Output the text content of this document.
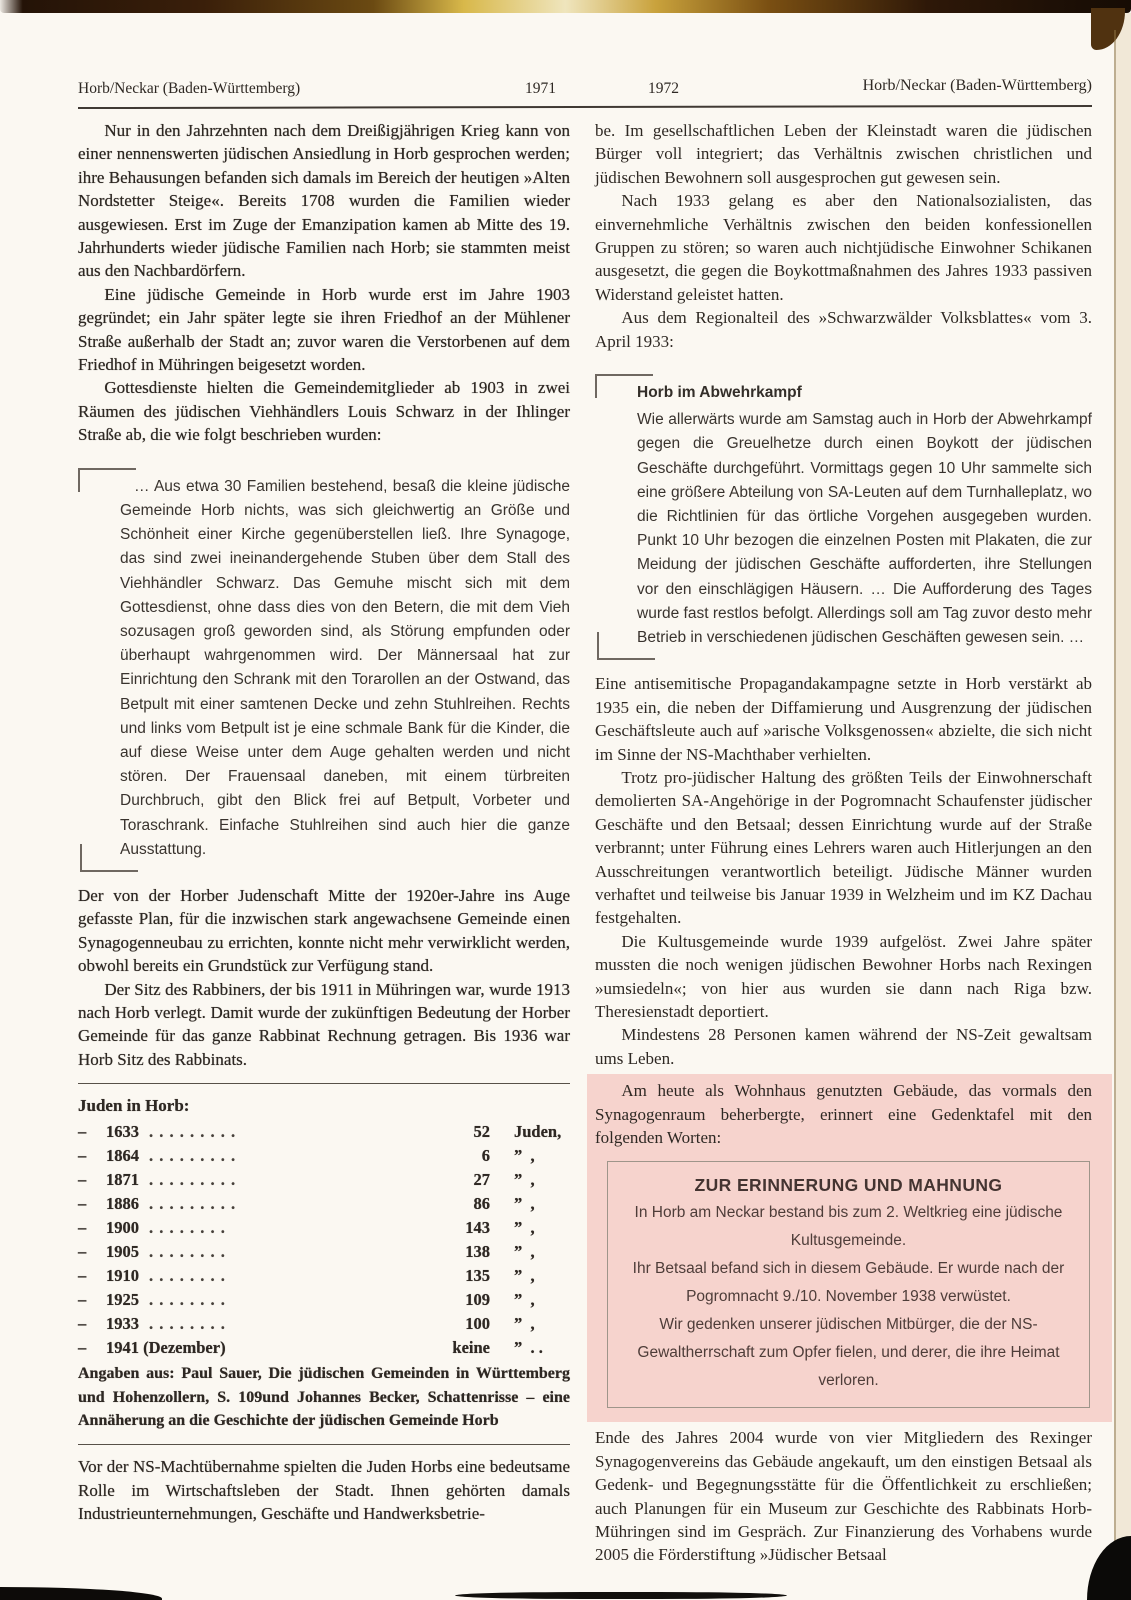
Horb/Neckar (Baden-Württemberg)	1971	1972	Horb/Neckar (Baden-Württemberg)

Nur in den Jahrzehnten nach dem Dreißigjährigen Krieg kann von einer nennenswerten jüdischen Ansiedlung in Horb gesprochen werden; ihre Behausungen befanden sich damals im Bereich der heutigen »Alten Nordstetter Steige«. Bereits 1708 wurden die Familien wieder ausgewiesen. Erst im Zuge der Emanzipation kamen ab Mitte des 19. Jahrhunderts wieder jüdische Familien nach Horb; sie stammten meist aus den Nachbardörfern.

Eine jüdische Gemeinde in Horb wurde erst im Jahre 1903 gegründet; ein Jahr später legte sie ihren Friedhof an der Mühlener Straße außerhalb der Stadt an; zuvor waren die Verstorbenen auf dem Friedhof in Mühringen beigesetzt worden.

Gottesdienste hielten die Gemeindemitglieder ab 1903 in zwei Räumen des jüdischen Viehhändlers Louis Schwarz in der Ihlinger Straße ab, die wie folgt beschrieben wurden:

… Aus etwa 30 Familien bestehend, besaß die kleine jüdische Gemeinde Horb nichts, was sich gleichwertig an Größe und Schönheit einer Kirche gegenüberstellen ließ. Ihre Synagoge, das sind zwei ineinandergehende Stuben über dem Stall des Viehhändler Schwarz. Das Gemuhe mischt sich mit dem Gottesdienst, ohne dass dies von den Betern, die mit dem Vieh sozusagen groß geworden sind, als Störung empfunden oder überhaupt wahrgenommen wird. Der Männersaal hat zur Einrichtung den Schrank mit den Torarollen an der Ostwand, das Betpult mit einer samtenen Decke und zehn Stuhlreihen. Rechts und links vom Betpult ist je eine schmale Bank für die Kinder, die auf diese Weise unter dem Auge gehalten werden und nicht stören. Der Frauensaal daneben, mit einem türbreiten Durchbruch, gibt den Blick frei auf Betpult, Vorbeter und Toraschrank. Einfache Stuhlreihen sind auch hier die ganze Ausstattung.

Der von der Horber Judenschaft Mitte der 1920er-Jahre ins Auge gefasste Plan, für die inzwischen stark angewachsene Gemeinde einen Synagogenneubau zu errichten, konnte nicht mehr verwirklicht werden, obwohl bereits ein Grundstück zur Verfügung stand.

Der Sitz des Rabbiners, der bis 1911 in Mühringen war, wurde 1913 nach Horb verlegt. Damit wurde der zukünftigen Bedeutung der Horber Gemeinde für das ganze Rabbinat Rechnung getragen. Bis 1936 war Horb Sitz des Rabbinats.

Juden in Horb:
–	1633 . . . . . . . . .	52	Juden,
–	1864 . . . . . . . . .	6	”  ,
–	1871 . . . . . . . . .	27	”  ,
–	1886 . . . . . . . . .	86	”  ,
–	1900 . . . . . . . .	143	”  ,
–	1905 . . . . . . . .	138	”  ,
–	1910 . . . . . . . .	135	”  ,
–	1925 . . . . . . . .	109	”  ,
–	1933 . . . . . . . .	100	”  ,
–	1941 (Dezember)	keine	”  . .
Angaben aus: Paul Sauer, Die jüdischen Gemeinden in Württemberg und Hohenzollern, S. 109und Johannes Becker, Schattenrisse – eine Annäherung an die Geschichte der jüdischen Gemeinde Horb

Vor der NS-Machtübernahme spielten die Juden Horbs eine bedeutsame Rolle im Wirtschaftsleben der Stadt. Ihnen gehörten damals Industrieunternehmungen, Geschäfte und Handwerksbetrie-

be. Im gesellschaftlichen Leben der Kleinstadt waren die jüdischen Bürger voll integriert; das Verhältnis zwischen christlichen und jüdischen Bewohnern soll ausgesprochen gut gewesen sein.

Nach 1933 gelang es aber den Nationalsozialisten, das einvernehmliche Verhältnis zwischen den beiden konfessionellen Gruppen zu stören; so waren auch nichtjüdische Einwohner Schikanen ausgesetzt, die gegen die Boykottmaßnahmen des Jahres 1933 passiven Widerstand geleistet hatten.

Aus dem Regionalteil des »Schwarzwälder Volksblattes« vom 3. April 1933:

Horb im Abwehrkampf

Wie allerwärts wurde am Samstag auch in Horb der Abwehrkampf gegen die Greuelhetze durch einen Boykott der jüdischen Geschäfte durchgeführt. Vormittags gegen 10 Uhr sammelte sich eine größere Abteilung von SA-Leuten auf dem Turnhalleplatz, wo die Richtlinien für das örtliche Vorgehen ausgegeben wurden. Punkt 10 Uhr bezogen die einzelnen Posten mit Plakaten, die zur Meidung der jüdischen Geschäfte aufforderten, ihre Stellungen vor den einschlägigen Häusern. … Die Aufforderung des Tages wurde fast restlos befolgt. Allerdings soll am Tag zuvor desto mehr Betrieb in verschiedenen jüdischen Geschäften gewesen sein. …

Eine antisemitische Propagandakampagne setzte in Horb verstärkt ab 1935 ein, die neben der Diffamierung und Ausgrenzung der jüdischen Geschäftsleute auch auf »arische Volksgenossen« abzielte, die sich nicht im Sinne der NS-Machthaber verhielten.

Trotz pro-jüdischer Haltung des größten Teils der Einwohnerschaft demolierten SA-Angehörige in der Pogromnacht Schaufenster jüdischer Geschäfte und den Betsaal; dessen Einrichtung wurde auf der Straße verbrannt; unter Führung eines Lehrers waren auch Hitlerjungen an den Ausschreitungen verantwortlich beteiligt. Jüdische Männer wurden verhaftet und teilweise bis Januar 1939 in Welzheim und im KZ Dachau festgehalten.

Die Kultusgemeinde wurde 1939 aufgelöst. Zwei Jahre später mussten die noch wenigen jüdischen Bewohner Horbs nach Rexingen »umsiedeln«; von hier aus wurden sie dann nach Riga bzw. Theresienstadt deportiert.

Mindestens 28 Personen kamen während der NS-Zeit gewaltsam ums Leben.

Am heute als Wohnhaus genutzten Gebäude, das vormals den Synagogenraum beherbergte, erinnert eine Gedenktafel mit den folgenden Worten:

ZUR ERINNERUNG UND MAHNUNG

In Horb am Neckar bestand bis zum 2. Weltkrieg eine jüdische Kultusgemeinde.

Ihr Betsaal befand sich in diesem Gebäude. Er wurde nach der Pogromnacht 9./10. November 1938 verwüstet.

Wir gedenken unserer jüdischen Mitbürger, die der NS-Gewaltherrschaft zum Opfer fielen, und derer, die ihre Heimat verloren.

Ende des Jahres 2004 wurde von vier Mitgliedern des Rexinger Synagogenvereins das Gebäude angekauft, um den einstigen Betsaal als Gedenk- und Begegnungsstätte für die Öffentlichkeit zu erschließen; auch Planungen für ein Museum zur Geschichte des Rabbinats Horb-Mühringen sind im Gespräch. Zur Finanzierung des Vorhabens wurde 2005 die Förderstiftung »Jüdischer Betsaal
